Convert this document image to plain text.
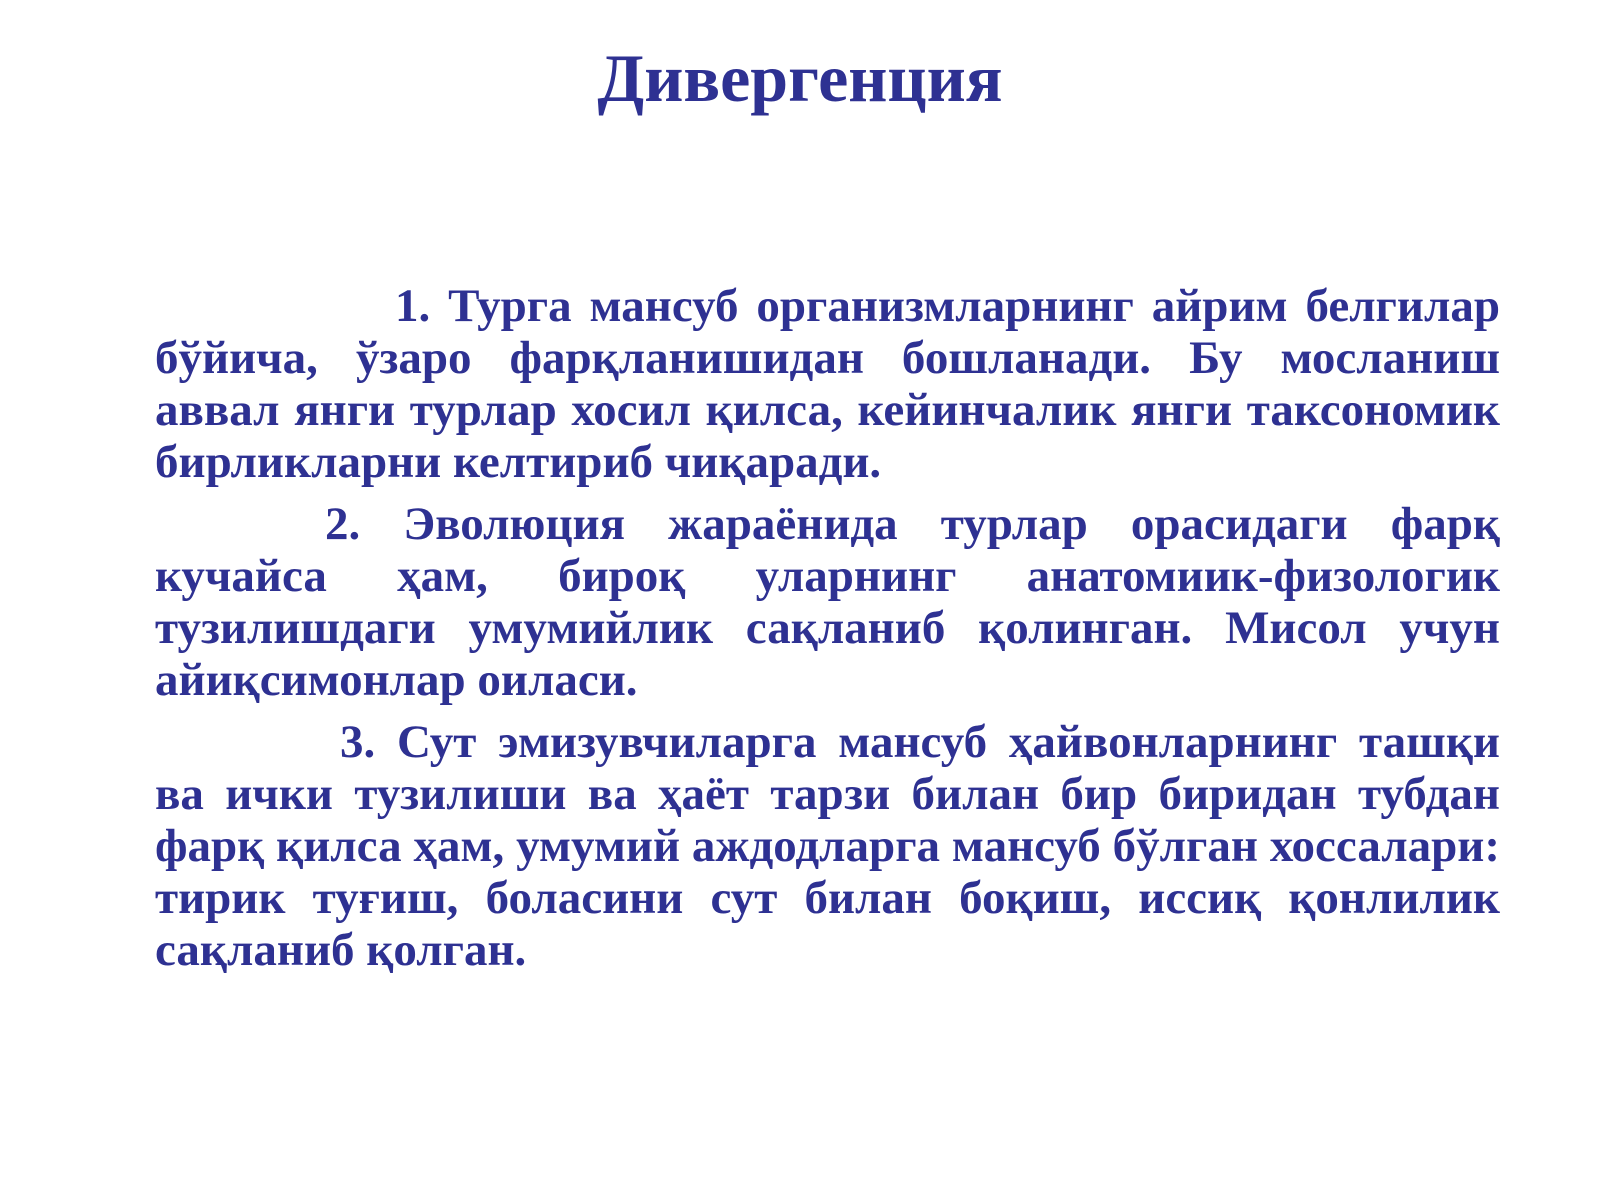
Дивергенция

1. Турга мансуб организмларнинг айрим белгилар бўйича, ўзаро фарқланишидан бошланади. Бу мосланиш аввал янги турлар хосил қилса, кейинчалик янги таксономик бирликларни келтириб чиқаради.

2. Эволюция жараёнида турлар орасидаги фарқ кучайса ҳам, бироқ уларнинг анатомиик-физологик тузилишдаги умумийлик сақланиб қолинган. Мисол учун айиқсимонлар оиласи.

3. Сут эмизувчиларга мансуб ҳайвонларнинг ташқи ва ички тузилиши ва ҳаёт тарзи билан бир биридан тубдан фарқ қилса ҳам, умумий аждодларга мансуб бўлган хоссалари: тирик туғиш, боласини сут билан боқиш, иссиқ қонлилик сақланиб қолган.
